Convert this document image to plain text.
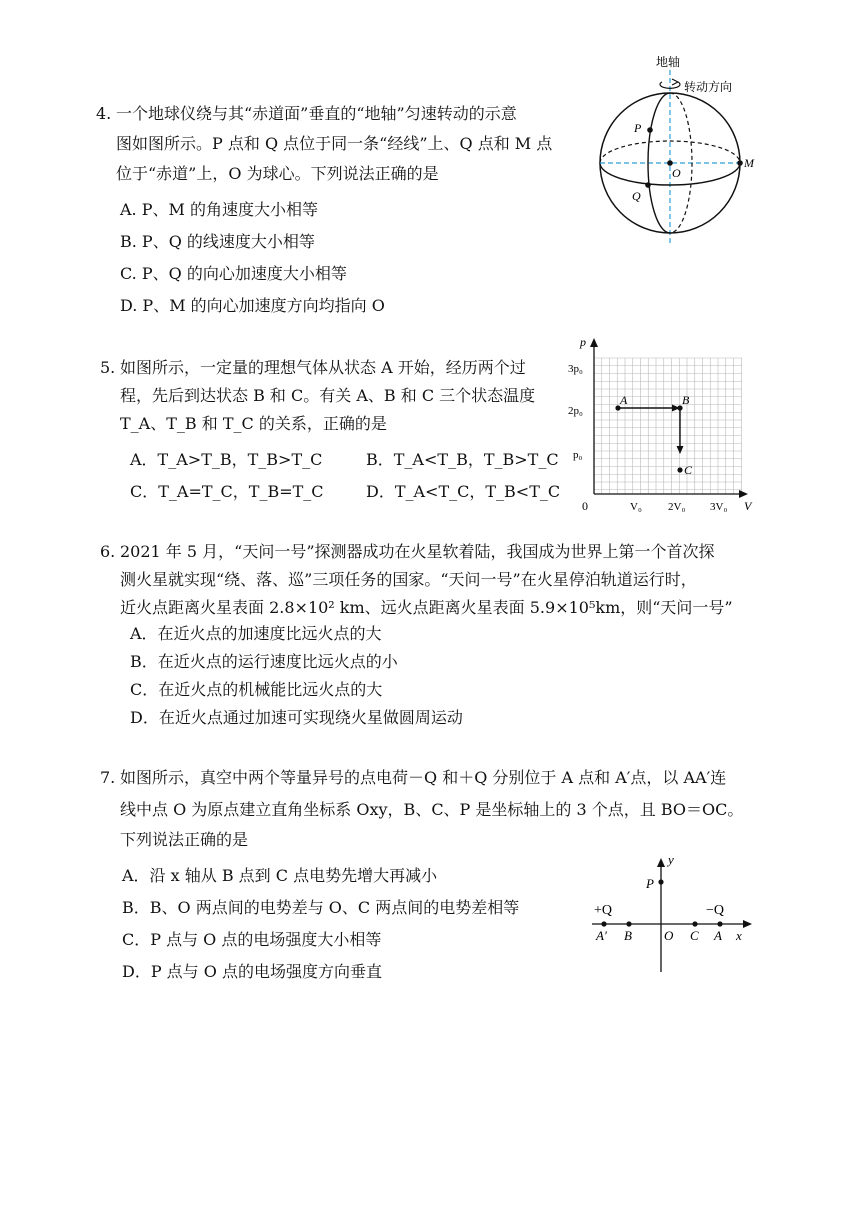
4. 一个地球仪绕与其“赤道面”垂直的“地轴”匀速转动的示意
图如图所示。P 点和 Q 点位于同一条“经线”上、Q 点和 M 点
位于“赤道”上，O 为球心。下列说法正确的是
A. P、M 的角速度大小相等
B. P、Q 的线速度大小相等
C. P、Q 的向心加速度大小相等
D. P、M 的向心加速度方向均指向 O
地轴
转动方向
P
Q
O
M
5. 如图所示，一定量的理想气体从状态 A 开始，经历两个过
程，先后到达状态 B 和 C。有关 A、B 和 C 三个状态温度
T_A、T_B 和 T_C 的关系，正确的是
A．T_A>T_B，T_B>T_C	B．T_A<T_B，T_B>T_C
C．T_A=T_C，T_B=T_C	D．T_A<T_C，T_B<T_C
p
V
0
3p₀
2p₀
p₀
V₀ 2V₀ 3V₀
A	B
C
6. 2021 年 5 月，“天问一号”探测器成功在火星软着陆，我国成为世界上第一个首次探
测火星就实现“绕、落、巡”三项任务的国家。“天问一号”在火星停泊轨道运行时，
近火点距离火星表面 2.8×10² km、远火点距离火星表面 5.9×10⁵km，则“天问一号”
A．在近火点的加速度比远火点的大
B．在近火点的运行速度比远火点的小
C．在近火点的机械能比远火点的大
D．在近火点通过加速可实现绕火星做圆周运动
7. 如图所示，真空中两个等量异号的点电荷－Q 和＋Q 分别位于 A 点和 A′点，以 AA′连
线中点 O 为原点建立直角坐标系 Oxy，B、C、P 是坐标轴上的 3 个点，且 BO＝OC。
下列说法正确的是
A．沿 x 轴从 B 点到 C 点电势先增大再减小
B．B、O 两点间的电势差与 O、C 两点间的电势差相等
C．P 点与 O 点的电场强度大小相等
D．P 点与 O 点的电场强度方向垂直
+Q	−Q
A′ B O C A
P
x
y
